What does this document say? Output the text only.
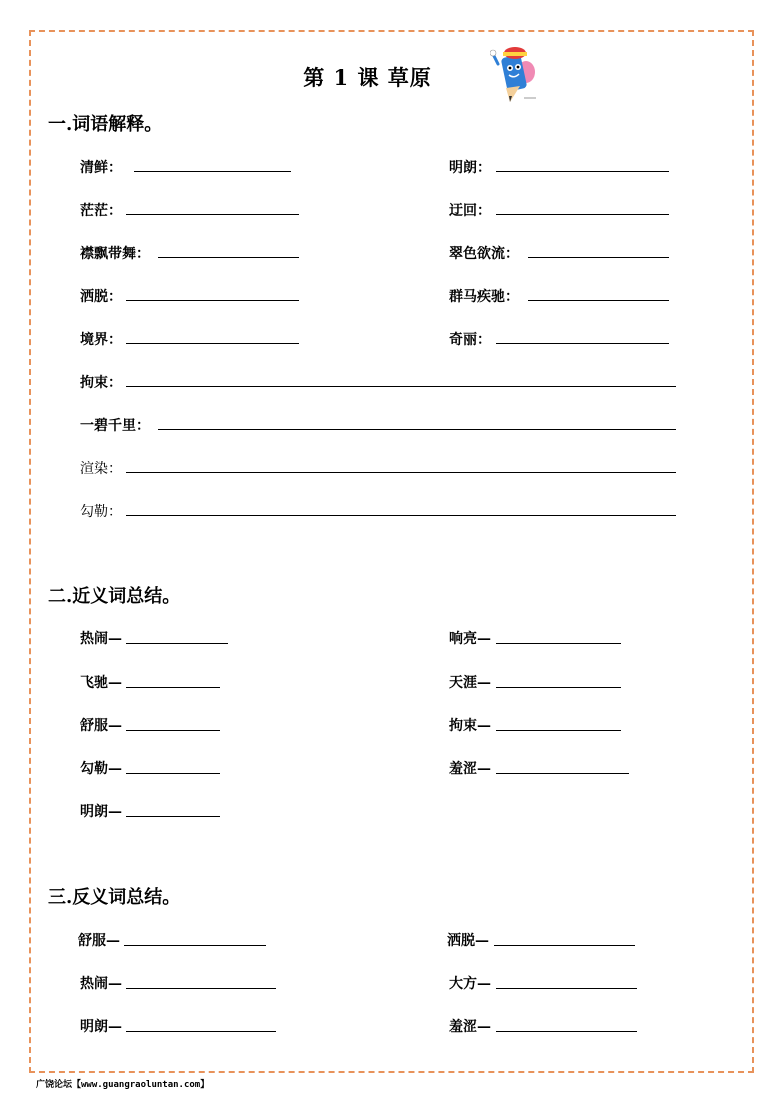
第 1 课 草原
一.词语解释。
清鲜：	明朗：
茫茫：	迂回：
襟飘带舞：	翠色欲流：
洒脱：	群马疾驰：
境界：	奇丽：
拘束：
一碧千里：
渲染：
勾勒：
二.近义词总结。
热闹—	响亮—
飞驰—	天涯—
舒服—	拘束—
勾勒—	羞涩—
明朗—
三.反义词总结。
舒服—	洒脱—
热闹—	大方—
明朗—	羞涩—
广饶论坛【www.guangraoluntan.com】
